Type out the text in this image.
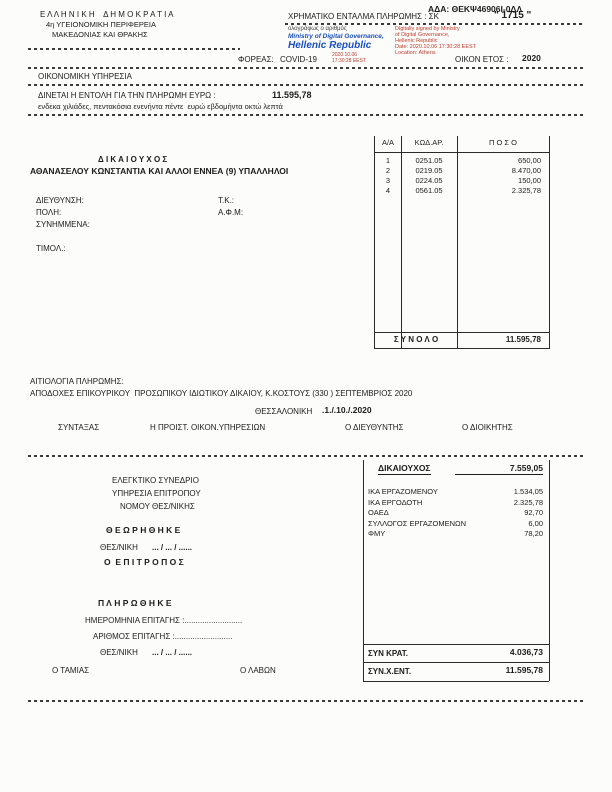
Ε Λ Λ Η Ν Ι Κ Η    Δ Η Μ Ο Κ Ρ Α Τ Ι Α
4η ΥΓΕΙΟΝΟΜΙΚΗ ΠΕΡΙΦΕΡΕΙΑ
ΜΑΚΕΔΟΝΙΑΣ ΚΑΙ ΘΡΑΚΗΣ
ΑΔΑ: ΘΕΚΨ46906Ι-0ΔΛ
ΧΡΗΜΑΤΙΚΟ ΕΝΤΑΛΜΑ ΠΛΗΡΩΜΗΣ : ΣΚ	" 1715 "
ολογράφως ο αριθμός
Ministry of Digital Governance,
Hellenic Republic
Digitally signed by Ministry
of Digital Governance,
Hellenic Republic
Date: 2020.10.06 17:30:28 EEST
Location: Athens
ΦΟΡΕΑΣ: COVID-19	2020.10.06
17:30:28 EEST	ΟΙΚΟΝ ΕΤΟΣ : 2020
ΟΙΚΟΝΟΜΙΚΗ ΥΠΗΡΕΣΙΑ
ΔΙΝΕΤΑΙ Η ΕΝΤΟΛΗ ΓΙΑ ΤΗΝ ΠΛΗΡΩΜΗ ΕΥΡΩ :	11.595,78
ενδεκα χιλιάδες, πεντακόσια ενενήντα πέντε  ευρώ εβδομήντα οκτώ λεπτά
Δ Ι Κ Α Ι Ο Υ Χ Ο Σ
ΑΘΑΝΑΣΕΛΟΥ ΚΩΝΣΤΑΝΤΙΑ ΚΑΙ ΑΛΛΟΙ ΕΝΝΕΑ (9) ΥΠΑΛΛΗΛΟΙ
ΔΙΕΥΘΥΝΣΗ:	Τ.Κ.:
ΠΟΛΗ:	Α.Φ.Μ:
ΣΥΝΗΜΜΕΝΑ:
ΤΙΜΟΛ.:
Α/Α	ΚΩΔ.ΑΡ.	Π Ο Σ Ο
1	0251.05	650,00
2	0219.05	8.470,00
3	0224.05	150,00
4	0561.05	2.325,78
Σ Υ Ν Ο Λ Ο	11.595,78
ΑΙΤΙΟΛΟΓΙΑ ΠΛΗΡΩΜΗΣ:
ΑΠΟΔΟΧΕΣ ΕΠΙΚΟΥΡΙΚΟΥ  ΠΡΟΣΩΠΙΚΟΥ ΙΔΙΩΤΙΚΟΥ ΔΙΚΑΙΟΥ, Κ.ΚΟΣΤΟΥΣ (330 ) ΣΕΠΤΕΜΒΡΙΟΣ 2020
ΘΕΣΣΑΛΟΝΙΚΗ .1./.10./.2020
ΣΥΝΤΑΞΑΣ	Η ΠΡΟΙΣΤ. ΟΙΚΟΝ.ΥΠΗΡΕΣΙΩΝ	Ο ΔΙΕΥΘΥΝΤΗΣ	Ο ΔΙΟΙΚΗΤΗΣ
ΕΛΕΓΚΤΙΚΟ ΣΥΝΕΔΡΙΟ
ΥΠΗΡΕΣΙΑ ΕΠΙΤΡΟΠΟΥ
ΝΟΜΟΥ ΘΕΣ/ΝΙΚΗΣ
Θ Ε Ω Ρ Η Θ Η Κ Ε
ΘΕΣ/ΝΙΚΗ ... / ... / ......
Ο  Ε Π Ι Τ Ρ Ο Π Ο Σ
Π Λ Η Ρ Ω Θ Η Κ Ε
ΗΜΕΡΟΜΗΝΙΑ ΕΠΙΤΑΓΗΣ :..........................
ΑΡΙΘΜΟΣ ΕΠΙΤΑΓΗΣ :..........................
ΘΕΣ/ΝΙΚΗ ... / ... / ......
Ο ΤΑΜΙΑΣ	Ο ΛΑΒΩΝ
ΔΙΚΑΙΟΥΧΟΣ	7.559,05
ΙΚΑ ΕΡΓΑΖΟΜΕΝΟΥ	1.534,05
ΙΚΑ ΕΡΓΟΔΟΤΗ	2.325,78
ΟΑΕΔ	92,70
ΣΥΛΛΟΓΟΣ ΕΡΓΑΖΟΜΕΝΩΝ	6,00
ΦΜΥ	78,20
ΣΥΝ ΚΡΑΤ.	4.036,73
ΣΥΝ.Χ.ΕΝΤ.	11.595,78
